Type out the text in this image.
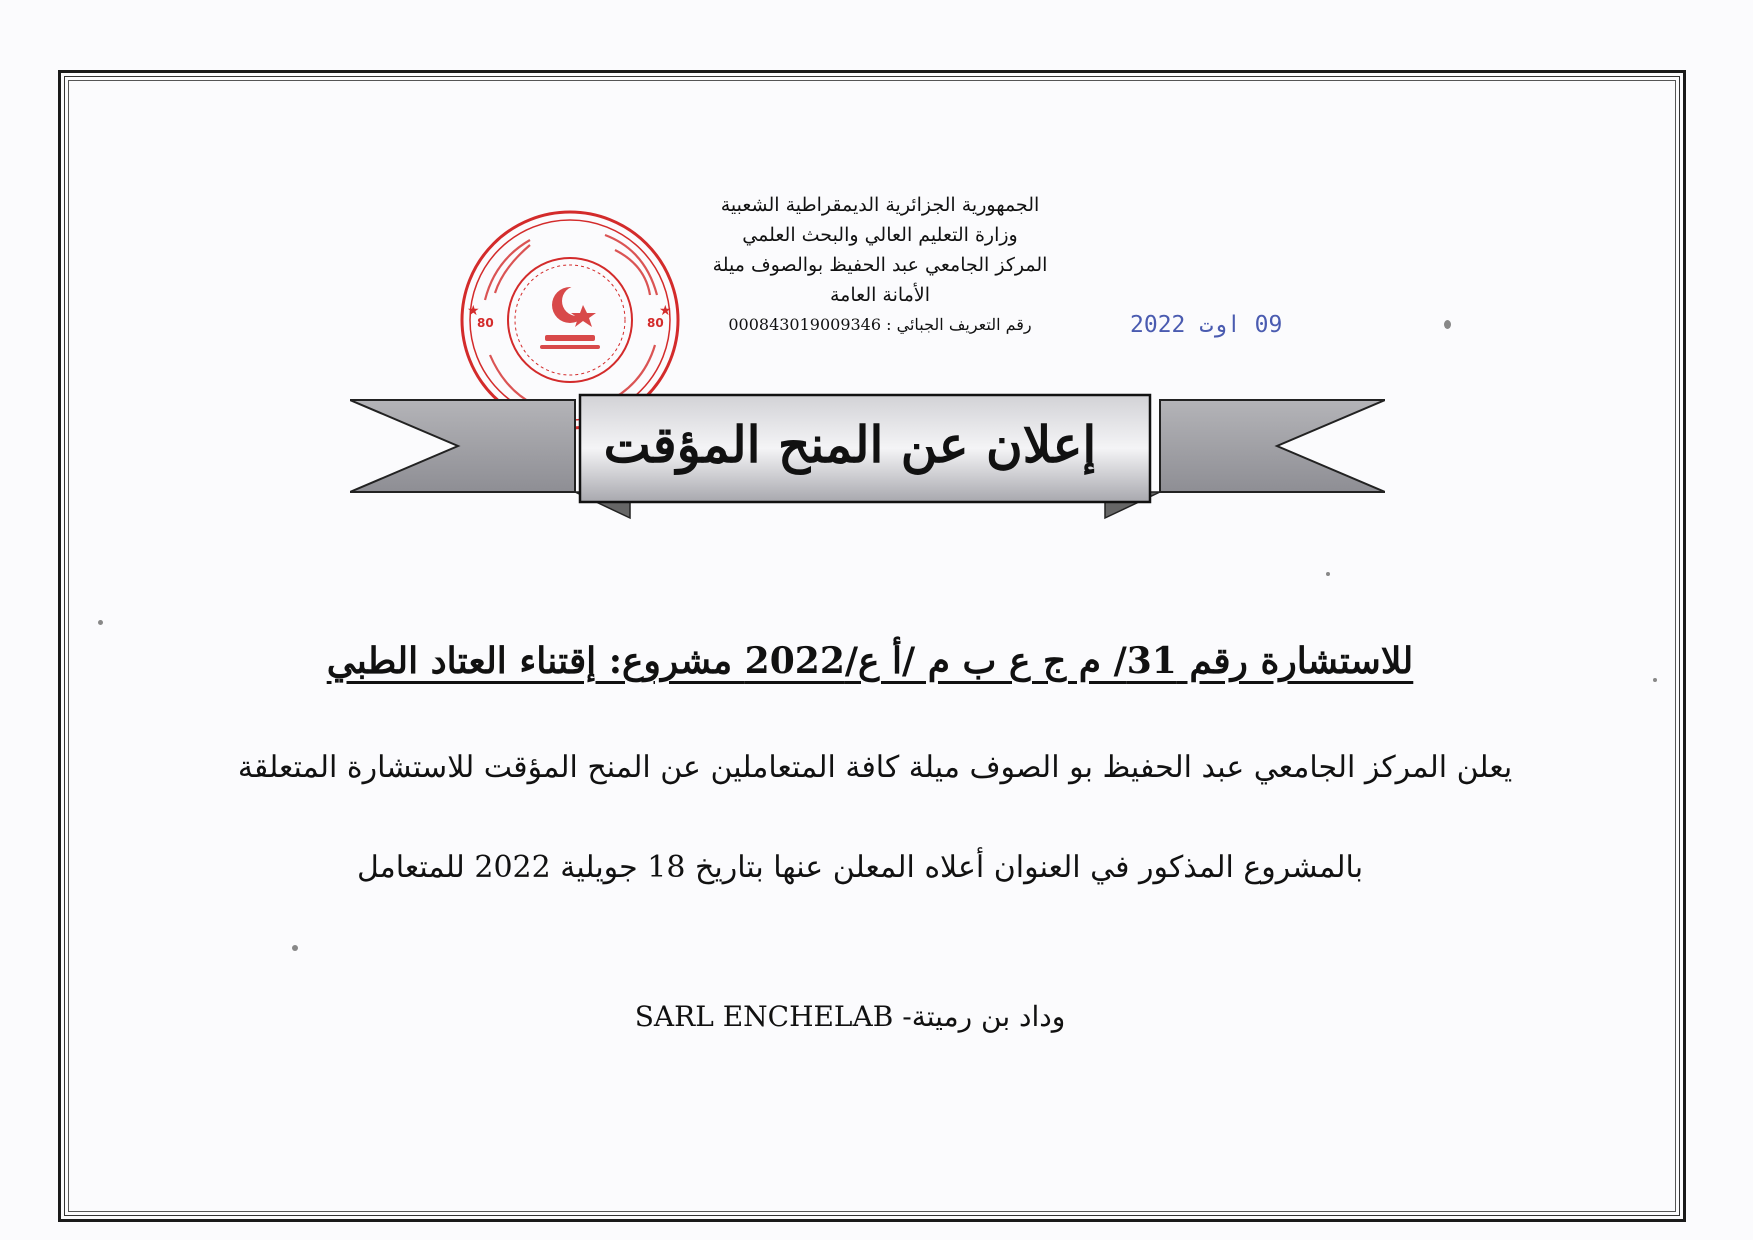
الجمهورية الجزائرية الديمقراطية الشعبية
وزارة التعليم العالي والبحث العلمي
المركز الجامعي عبد الحفيظ بوالصوف ميلة
الأمانة العامة
رقم التعريف الجبائي : 000843019009346
80	80
★	★
09 اوت 2022
إعلان عن المنح المؤقت
للاستشارة رقم 31/ م ج ع ب م /أ ع/2022 مشروع: إقتناء العتاد الطبي
يعلن المركز الجامعي عبد الحفيظ بو الصوف ميلة كافة المتعاملين عن المنح المؤقت للاستشارة المتعلقة
بالمشروع المذكور في العنوان أعلاه المعلن عنها بتاريخ 18 جويلية 2022 للمتعامل
وداد بن رميتة- SARL ENCHELAB
